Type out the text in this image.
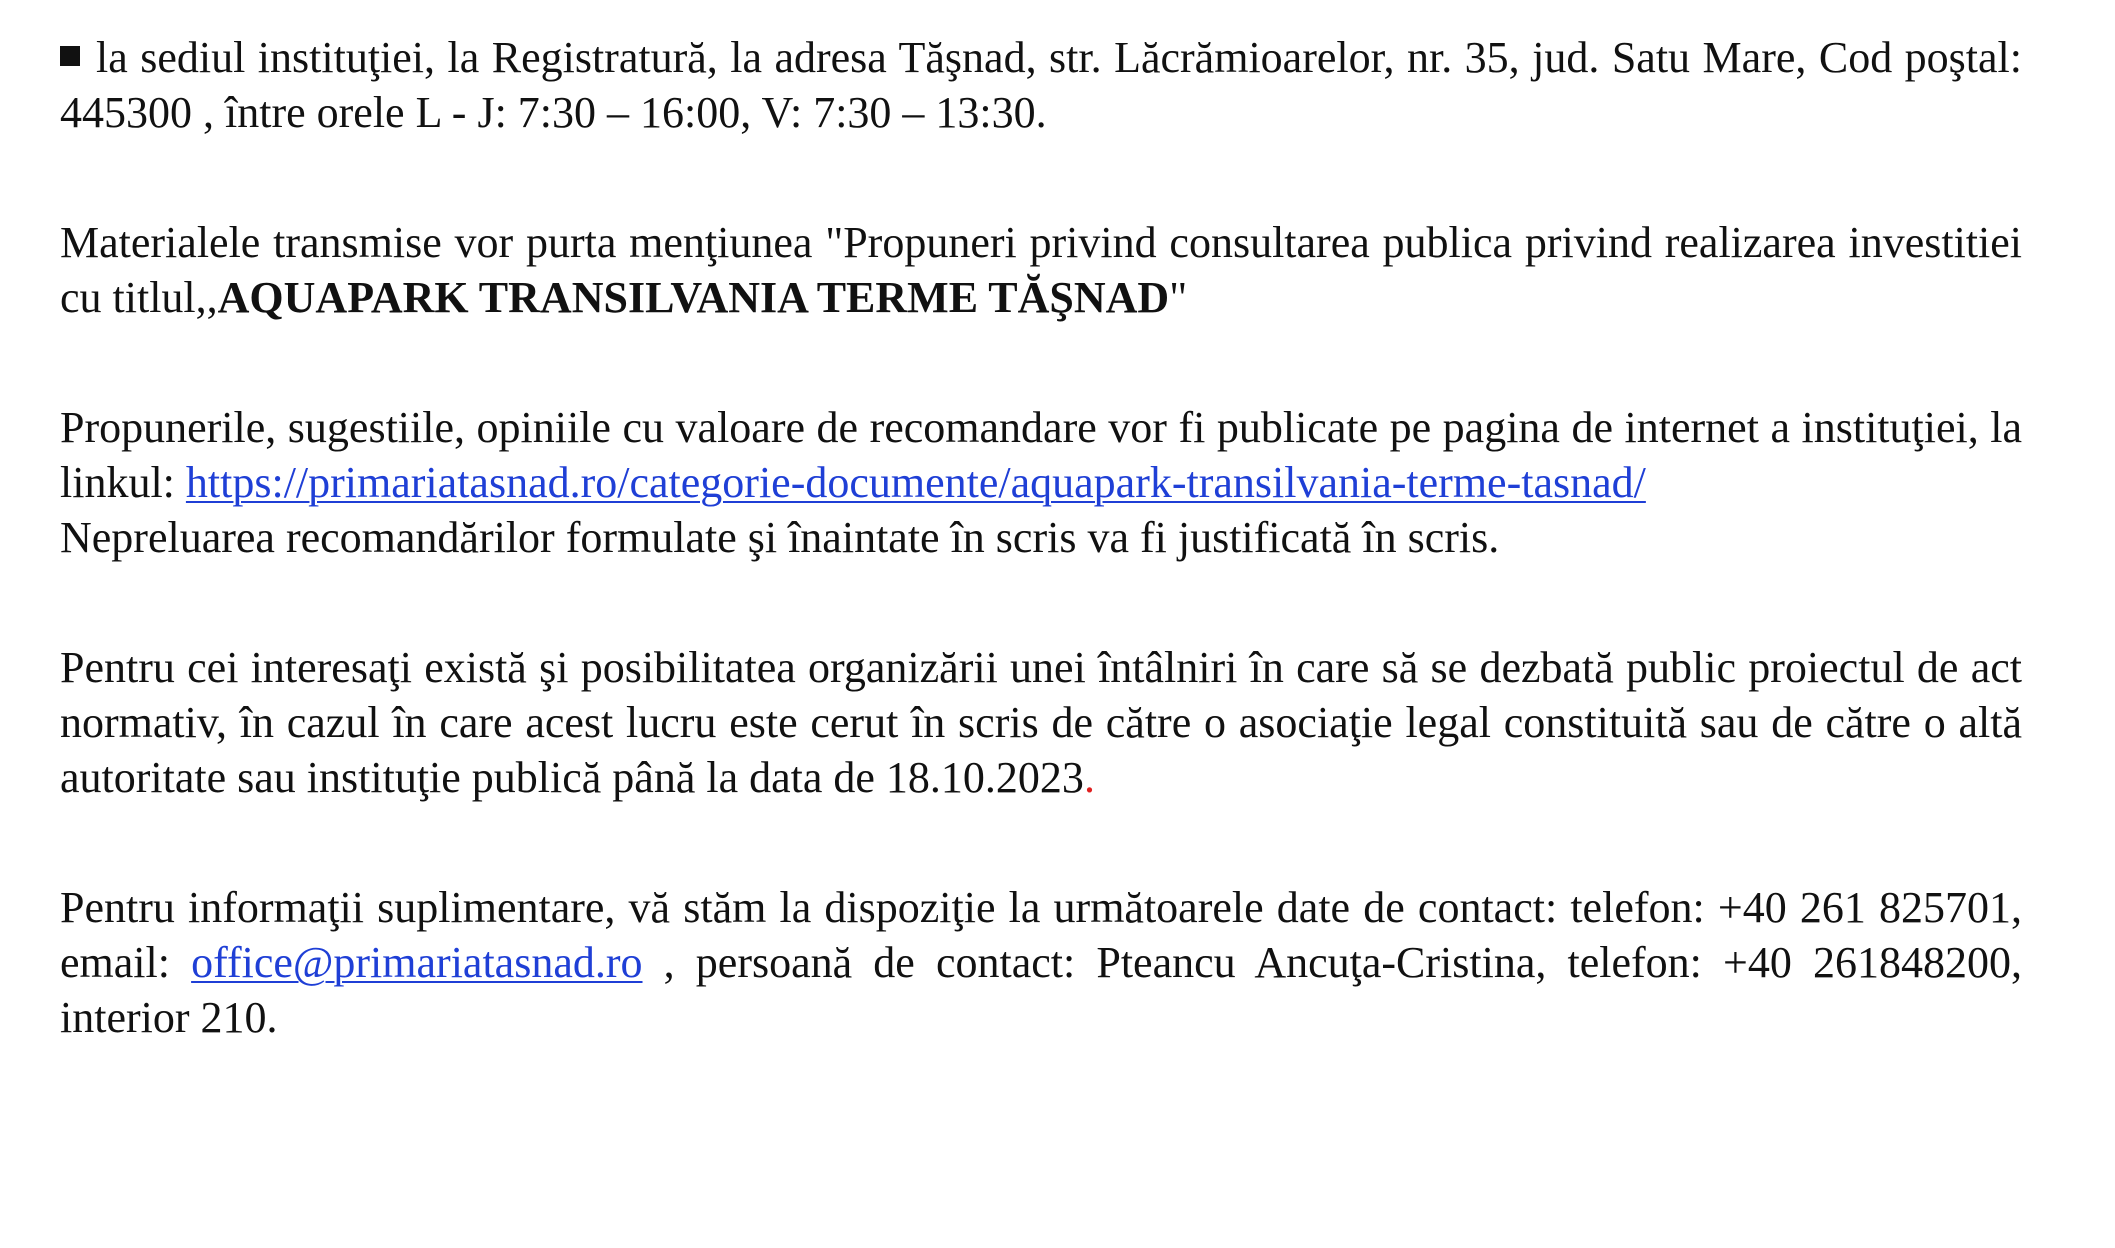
la sediul instituţiei, la Registratură, la adresa Tăşnad, str. Lăcrămioarelor, nr. 35, jud. Satu Mare, Cod poştal: 445300 , între orele L - J: 7:30 – 16:00, V: 7:30 – 13:30.

Materialele transmise vor purta menţiunea "Propuneri privind consultarea publica privind realizarea investitiei cu titlul,,AQUAPARK TRANSILVANIA TERME TĂŞNAD"

Propunerile, sugestiile, opiniile cu valoare de recomandare vor fi publicate pe pagina de internet a instituţiei, la linkul: https://primariatasnad.ro/categorie-documente/aquapark-transilvania-terme-tasnad/

Nepreluarea recomandărilor formulate şi înaintate în scris va fi justificată în scris.

Pentru cei interesaţi există şi posibilitatea organizării unei întâlniri în care să se dezbată public proiectul de act normativ, în cazul în care acest lucru este cerut în scris de către o asociaţie legal constituită sau de către o altă autoritate sau instituţie publică până la data de 18.10.2023.

Pentru informaţii suplimentare, vă stăm la dispoziţie la următoarele date de contact: telefon: +40 261 825701, email: office@primariatasnad.ro , persoană de contact: Pteancu Ancuţa-Cristina, telefon: +40 261848200, interior 210.
